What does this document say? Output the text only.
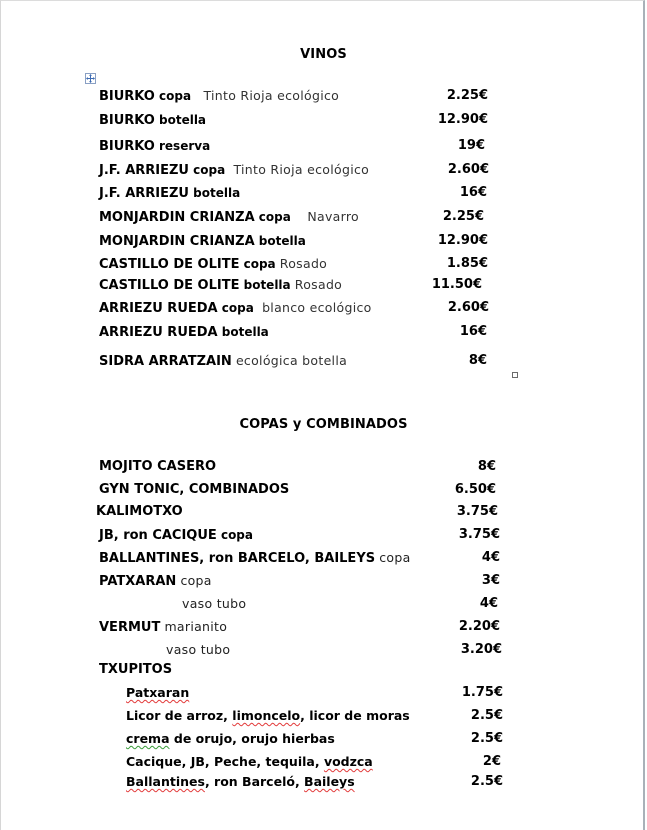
VINOS
BIURKO copa Tinto Rioja ecológico	2.25€
BIURKO botella	12.90€
BIURKO reserva	19€
J.F. ARRIEZU copa Tinto Rioja ecológico	2.60€
J.F. ARRIEZU botella	16€
MONJARDIN CRIANZA copa Navarro	2.25€
MONJARDIN CRIANZA botella	12.90€
CASTILLO DE OLITE copa Rosado	1.85€
CASTILLO DE OLITE botella Rosado	11.50€
ARRIEZU RUEDA copa blanco ecológico	2.60€
ARRIEZU RUEDA botella	16€
SIDRA ARRATZAIN ecológica botella	8€
COPAS y COMBINADOS
MOJITO CASERO	8€
GYN TONIC, COMBINADOS	6.50€
KALIMOTXO	3.75€
JB, ron CACIQUE copa	3.75€
BALLANTINES, ron BARCELO, BAILEYS copa	4€
PATXARAN copa	3€
vaso tubo	4€
VERMUT marianito	2.20€
vaso tubo	3.20€
TXUPITOS
Patxaran	1.75€
Licor de arroz, limoncelo, licor de moras	2.5€
crema de orujo, orujo hierbas	2.5€
Cacique, JB, Peche, tequila, vodzca	2€
Ballantines, ron Barceló, Baileys	2.5€
